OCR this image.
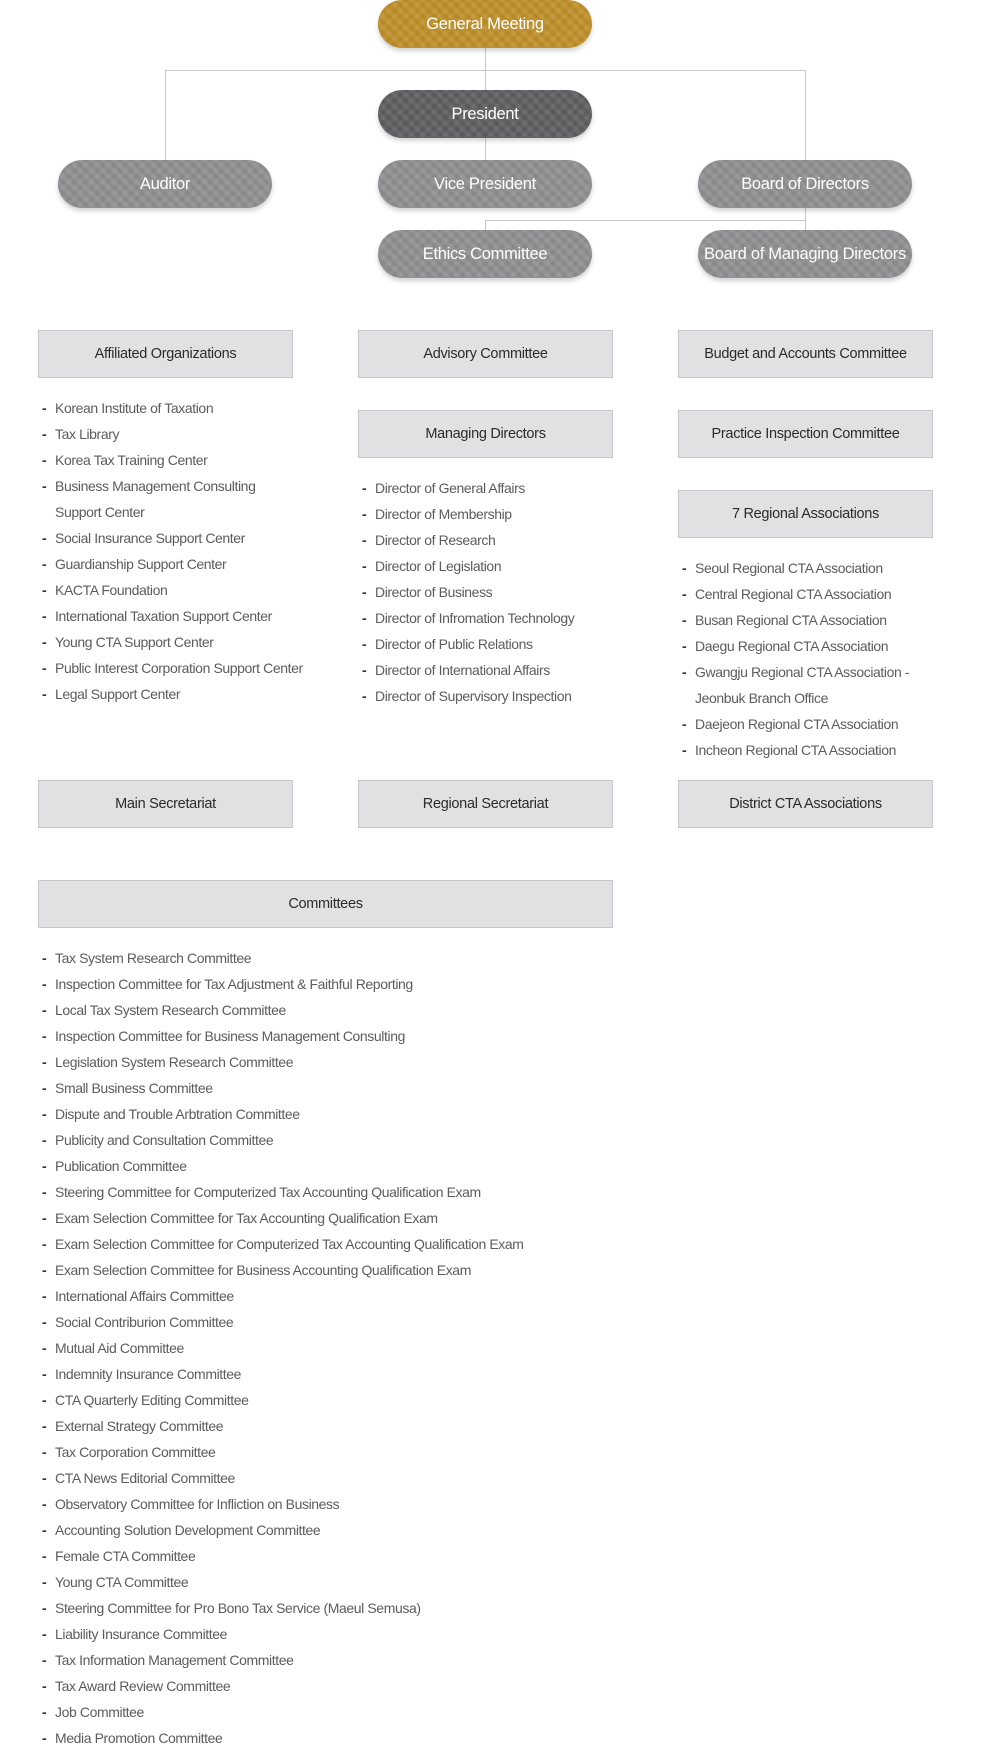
General Meeting
President
Auditor	Vice President	Board of Directors
Ethics Committee	Board of Managing Directors
Affiliated Organizations	Advisory Committee	Budget and Accounts Committee
Managing Directors	Practice Inspection Committee
7 Regional Associations
- Korean Institute of Taxation
- Tax Library
- Korea Tax Training Center
- Business Management Consulting
Support Center
- Social Insurance Support Center
- Guardianship Support Center
- KACTA Foundation
- International Taxation Support Center
- Young CTA Support Center
- Public Interest Corporation Support Center
- Legal Support Center
- Director of General Affairs
- Director of Membership
- Director of Research
- Director of Legislation
- Director of Business
- Director of Infromation Technology
- Director of Public Relations
- Director of International Affairs
- Director of Supervisory Inspection
- Seoul Regional CTA Association
- Central Regional CTA Association
- Busan Regional CTA Association
- Daegu Regional CTA Association
- Gwangju Regional CTA Association -
Jeonbuk Branch Office
- Daejeon Regional CTA Association
- Incheon Regional CTA Association
Main Secretariat	Regional Secretariat	District CTA Associations
Committees
- Tax System Research Committee
- Inspection Committee for Tax Adjustment & Faithful Reporting
- Local Tax System Research Committee
- Inspection Committee for Business Management Consulting
- Legislation System Research Committee
- Small Business Committee
- Dispute and Trouble Arbtration Committee
- Publicity and Consultation Committee
- Publication Committee
- Steering Committee for Computerized Tax Accounting Qualification Exam
- Exam Selection Committee for Tax Accounting Qualification Exam
- Exam Selection Committee for Computerized Tax Accounting Qualification Exam
- Exam Selection Committee for Business Accounting Qualification Exam
- International Affairs Committee
- Social Contriburion Committee
- Mutual Aid Committee
- Indemnity Insurance Committee
- CTA Quarterly Editing Committee
- External Strategy Committee
- Tax Corporation Committee
- CTA News Editorial Committee
- Observatory Committee for Infliction on Business
- Accounting Solution Development Committee
- Female CTA Committee
- Young CTA Committee
- Steering Committee for Pro Bono Tax Service (Maeul Semusa)
- Liability Insurance Committee
- Tax Information Management Committee
- Tax Award Review Committee
- Job Committee
- Media Promotion Committee
